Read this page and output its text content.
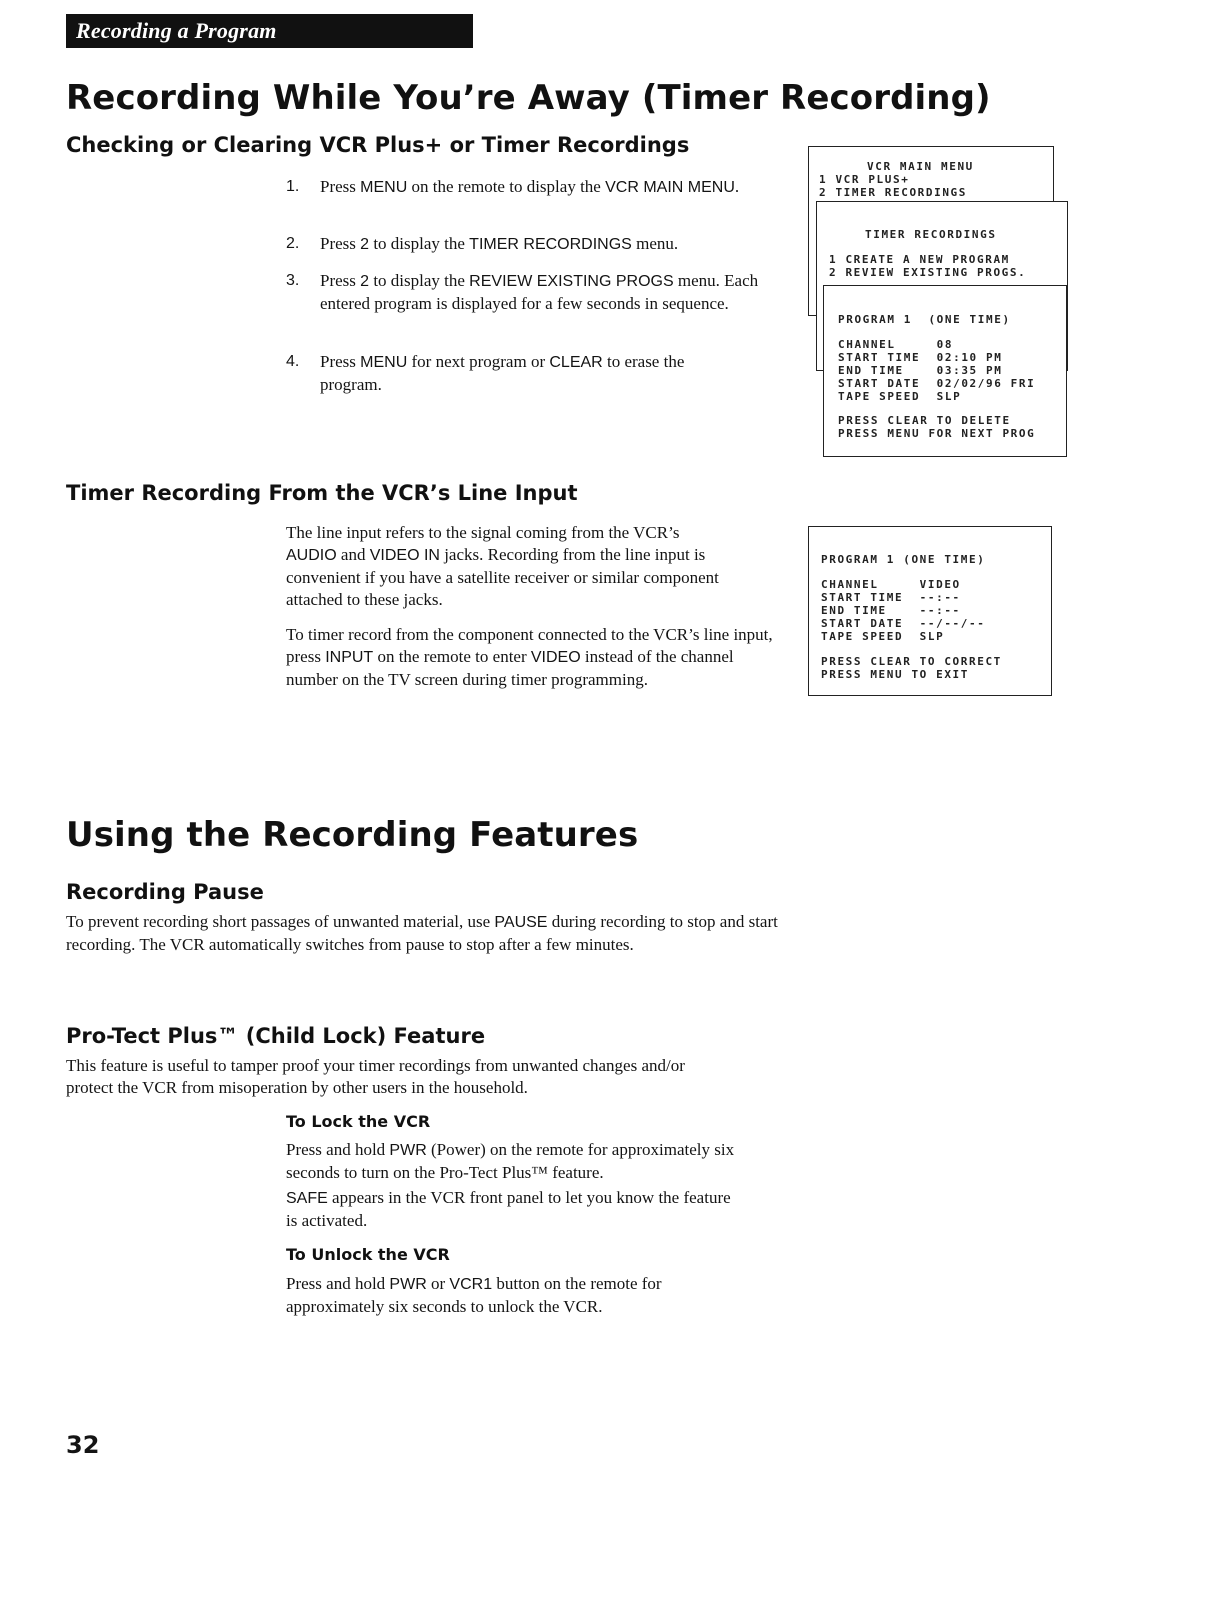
Recording a Program
Recording While You’re Away (Timer Recording)
Checking or Clearing VCR Plus+ or Timer Recordings
1. Press MENU on the remote to display the VCR MAIN MENU.
2. Press 2 to display the TIMER RECORDINGS menu.
3. Press 2 to display the REVIEW EXISTING PROGS menu. Each entered program is displayed for a few seconds in sequence.
4. Press MENU for next program or CLEAR to erase the program.
VCR MAIN MENU
1 VCR PLUS+
2 TIMER RECORDINGS
TIMER RECORDINGS
1 CREATE A NEW PROGRAM
2 REVIEW EXISTING PROGS.
PROGRAM 1  (ONE TIME)
CHANNEL     08
START TIME  02:10 PM
END TIME    03:35 PM
START DATE  02/02/96 FRI
TAPE SPEED  SLP
PRESS CLEAR TO DELETE
PRESS MENU FOR NEXT PROG
Timer Recording From the VCR’s Line Input

The line input refers to the signal coming from the VCR’s
AUDIO and VIDEO IN jacks. Recording from the line input is convenient if you have a satellite receiver or similar component attached to these jacks.

To timer record from the component connected to the VCR’s line input, press INPUT on the remote to enter VIDEO instead of the channel number on the TV screen during timer programming.

PROGRAM 1 (ONE TIME)
CHANNEL     VIDEO
START TIME  --:--
END TIME    --:--
START DATE  --/--/--
TAPE SPEED  SLP
PRESS CLEAR TO CORRECT
PRESS MENU TO EXIT
Using the Recording Features
Recording Pause

To prevent recording short passages of unwanted material, use PAUSE during recording to stop and start recording. The VCR automatically switches from pause to stop after a few minutes.

Pro-Tect Plus™ (Child Lock) Feature

This feature is useful to tamper proof your timer recordings from unwanted changes and/or protect the VCR from misoperation by other users in the household.

To Lock the VCR

Press and hold PWR (Power) on the remote for approximately six seconds to turn on the Pro-Tect Plus™ feature.

SAFE appears in the VCR front panel to let you know the feature is activated.

To Unlock the VCR

Press and hold PWR or VCR1 button on the remote for approximately six seconds to unlock the VCR.

32
